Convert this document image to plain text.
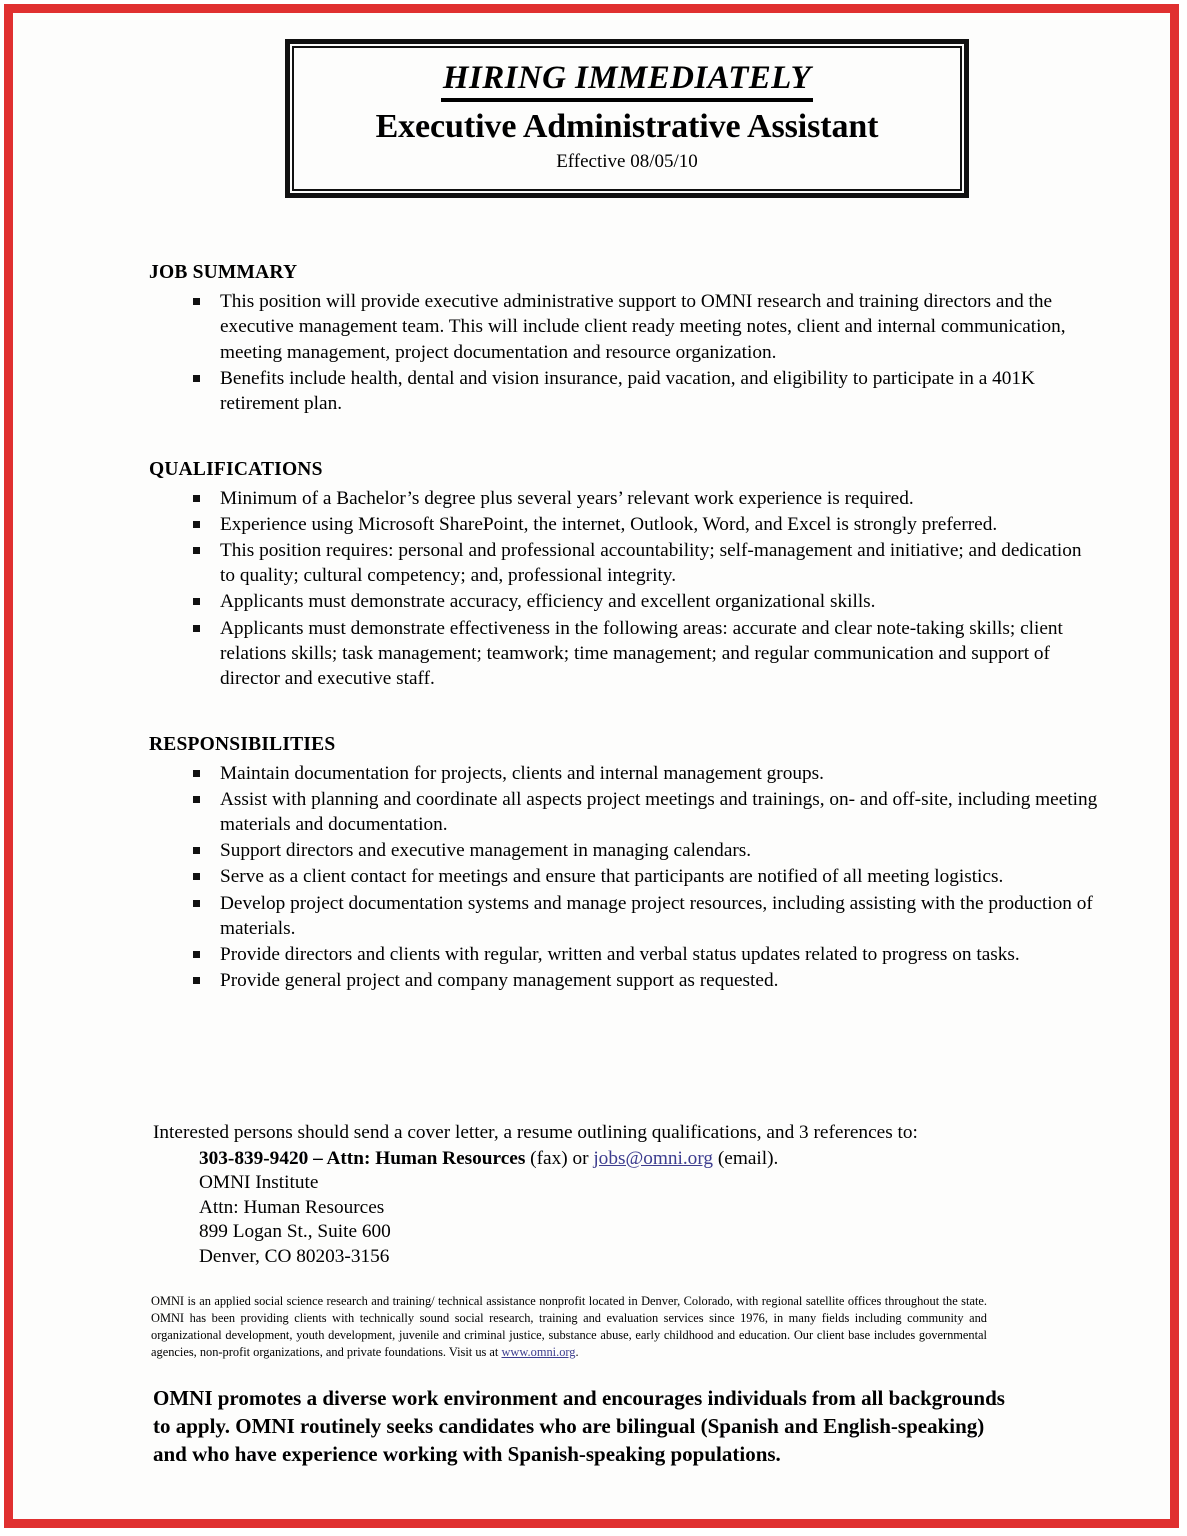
HIRING IMMEDIATELY
Executive Administrative Assistant
Effective 08/05/10
JOB SUMMARY
This position will provide executive administrative support to OMNI research and training directors and the executive management team. This will include client ready meeting notes, client and internal communication, meeting management, project documentation and resource organization.
Benefits include health, dental and vision insurance, paid vacation, and eligibility to participate in a 401K retirement plan.
QUALIFICATIONS
Minimum of a Bachelor’s degree plus several years’ relevant work experience is required.
Experience using Microsoft SharePoint, the internet, Outlook, Word, and Excel is strongly preferred.
This position requires: personal and professional accountability; self-management and initiative; and dedication to quality; cultural competency; and, professional integrity.
Applicants must demonstrate accuracy, efficiency and excellent organizational skills.
Applicants must demonstrate effectiveness in the following areas: accurate and clear note-taking skills; client relations skills; task management; teamwork; time management; and regular communication and support of director and executive staff.
RESPONSIBILITIES
Maintain documentation for projects, clients and internal management groups.
Assist with planning and coordinate all aspects project meetings and trainings, on- and off-site, including meeting materials and documentation.
Support directors and executive management in managing calendars.
Serve as a client contact for meetings and ensure that participants are notified of all meeting logistics.
Develop project documentation systems and manage project resources, including assisting with the production of materials.
Provide directors and clients with regular, written and verbal status updates related to progress on tasks.
Provide general project and company management support as requested.
Interested persons should send a cover letter, a resume outlining qualifications, and 3 references to:
303-839-9420 – Attn: Human Resources (fax) or jobs@omni.org (email).
OMNI Institute
Attn: Human Resources
899 Logan St., Suite 600
Denver, CO 80203-3156
OMNI is an applied social science research and training/ technical assistance nonprofit located in Denver, Colorado, with regional satellite offices throughout the state. OMNI has been providing clients with technically sound social research, training and evaluation services since 1976, in many fields including community and organizational development, youth development, juvenile and criminal justice, substance abuse, early childhood and education. Our client base includes governmental agencies, non-profit organizations, and private foundations. Visit us at www.omni.org.
OMNI promotes a diverse work environment and encourages individuals from all backgrounds to apply. OMNI routinely seeks candidates who are bilingual (Spanish and English-speaking) and who have experience working with Spanish-speaking populations.
